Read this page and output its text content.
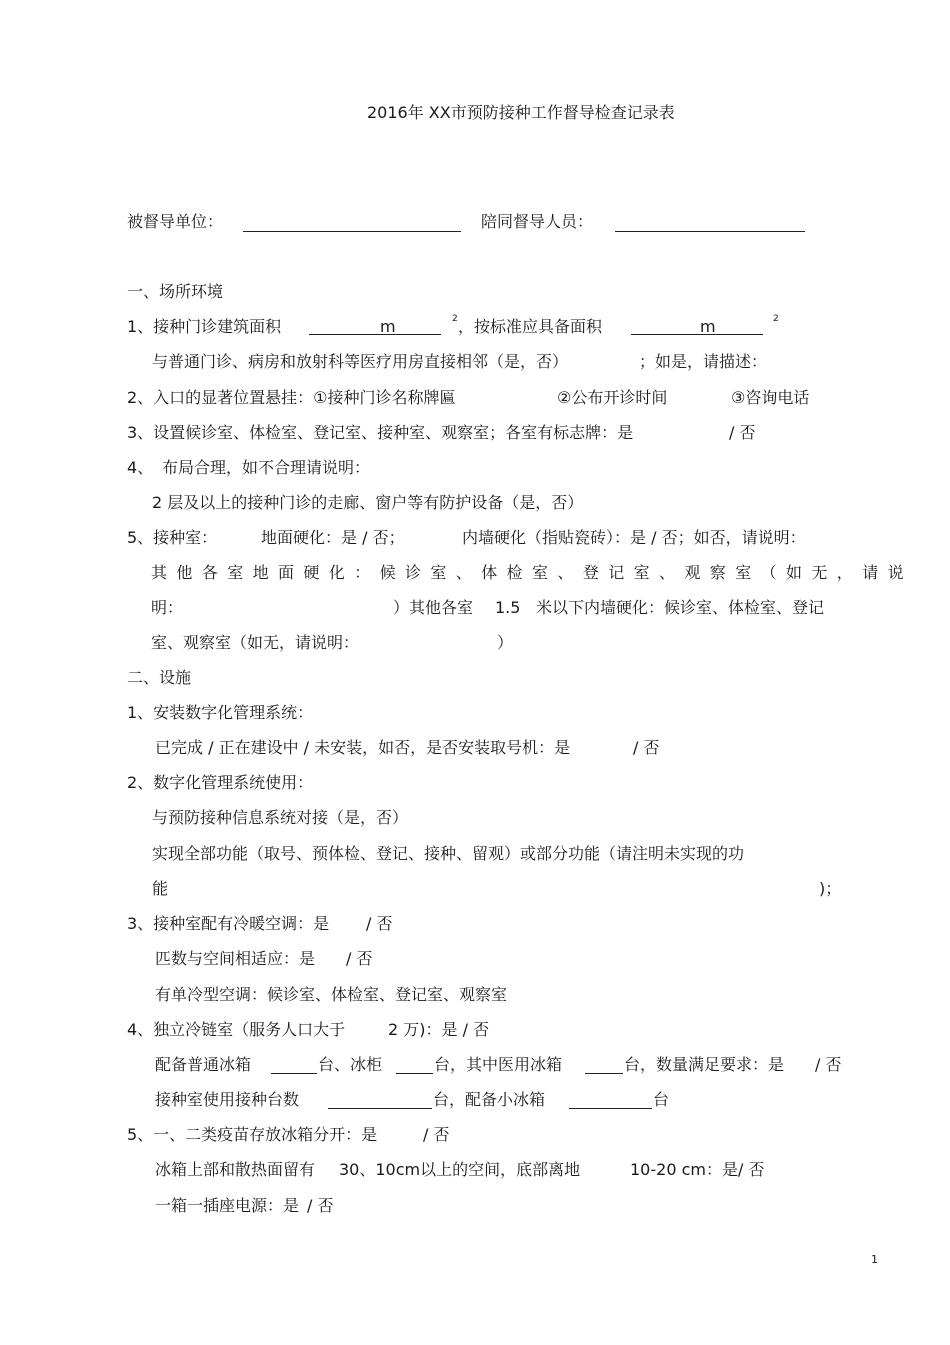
2016年 XX市预防接种工作督导检查记录表
被督导单位：	陪同督导人员：
一、场所环境
1、接种门诊建筑面积	m	2 ，按标准应具备面积	m	2
与普通门诊、病房和放射科等医疗用房直接相邻（是，否）	；如是，请描述：
2、入口的显著位置悬挂：①接种门诊名称牌匾	②公布开诊时间	③咨询电话
3、设置候诊室、体检室、登记室、接种室、观察室；各室有标志牌：是	/ 否
4、 布局合理，如不合理请说明：
2 层及以上的接种门诊的走廊、窗户等有防护设备（是，否）
5、接种室：	地面硬化：是 / 否；	内墙硬化（指贴瓷砖）：是 / 否；如否，请说明：
其他各室地面硬化：候诊室、体检室、登记室、观察室（如无，请说
明：	）其他各室 1.5 米以下内墙硬化：候诊室、体检室、登记
室、观察室（如无，请说明：	）
二、设施
1、安装数字化管理系统：
已完成 / 正在建设中 / 未安装，如否，是否安装取号机：是	/ 否
2、数字化管理系统使用：
与预防接种信息系统对接（是，否）
实现全部功能（取号、预体检、登记、接种、留观）或部分功能（请注明未实现的功
能	)；
3、接种室配有冷暖空调：是 / 否
匹数与空间相适应：是 / 否
有单冷型空调：候诊室、体检室、登记室、观察室
4、独立冷链室（服务人口大于	2 万)：是 / 否
配备普通冰箱	台、冰柜	台，其中医用冰箱	台，数量满足要求：是 / 否
接种室使用接种台数	台，配备小冰箱	台
5、一、二类疫苗存放冰箱分开：是	/ 否
冰箱上部和散热面留有 30、10cm以上的空间，底部离地	10-20 cm：是/ 否
一箱一插座电源：是 / 否
1
